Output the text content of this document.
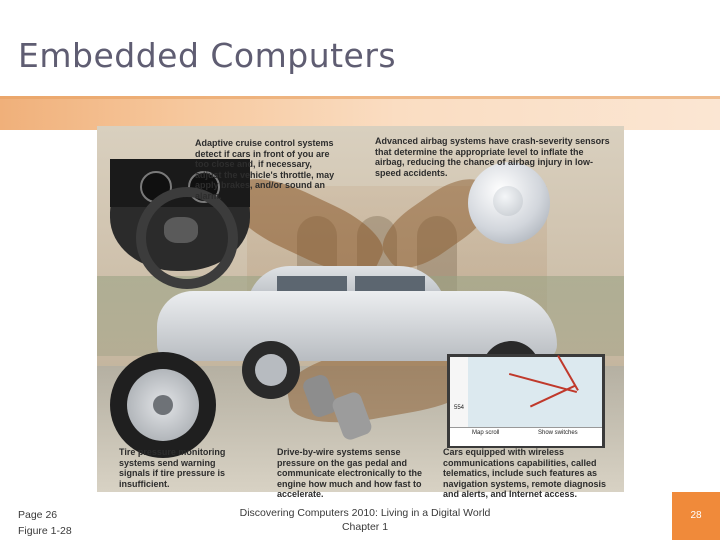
Embedded Computers
554
Map scroll	Show switches
Adaptive cruise control systems detect if cars in front of you are too close and, if necessary, adjust the vehicle's throttle, may apply brakes, and/or sound an alarm.
Advanced airbag systems have crash-severity sensors that determine the appropriate level to inflate the airbag, reducing the chance of airbag injury in low-speed accidents.
Tire pressure monitoring systems send warning signals if tire pressure is insufficient.
Drive-by-wire systems sense pressure on the gas pedal and communicate electronically to the engine how much and how fast to accelerate.
Cars equipped with wireless communications capabilities, called telematics, include such features as navigation systems, remote diagnosis and alerts, and Internet access.
Page 26
Figure 1-28
Discovering Computers 2010: Living in a Digital World
Chapter 1
28
